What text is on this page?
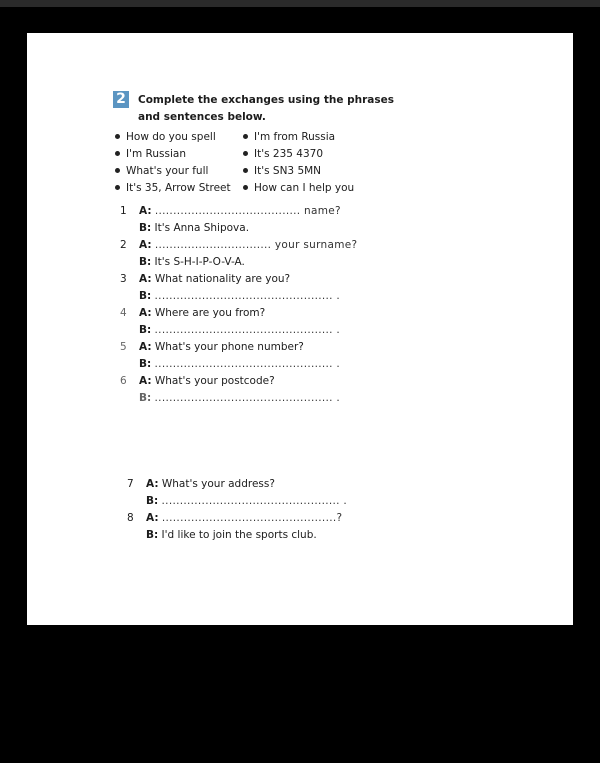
2 Complete the exchanges using the phrases
and sentences below.
How do you spell
I'm Russian
What's your full
It's 35, Arrow Street
I'm from Russia
It's 235 4370
It's SN3 5MN
How can I help you
1 A: ........................................ name?
B: It's Anna Shipova.
2 A: ................................ your surname?
B: It's S-H-I-P-O-V-A.
3 A: What nationality are you?
B: ................................................. .
4 A: Where are you from?
B: ................................................. .
5 A: What's your phone number?
B: ................................................. .
6 A: What's your postcode?
B: ................................................. .
7 A: What's your address?
B: ................................................. .
8 A: ................................................?
B: I'd like to join the sports club.
